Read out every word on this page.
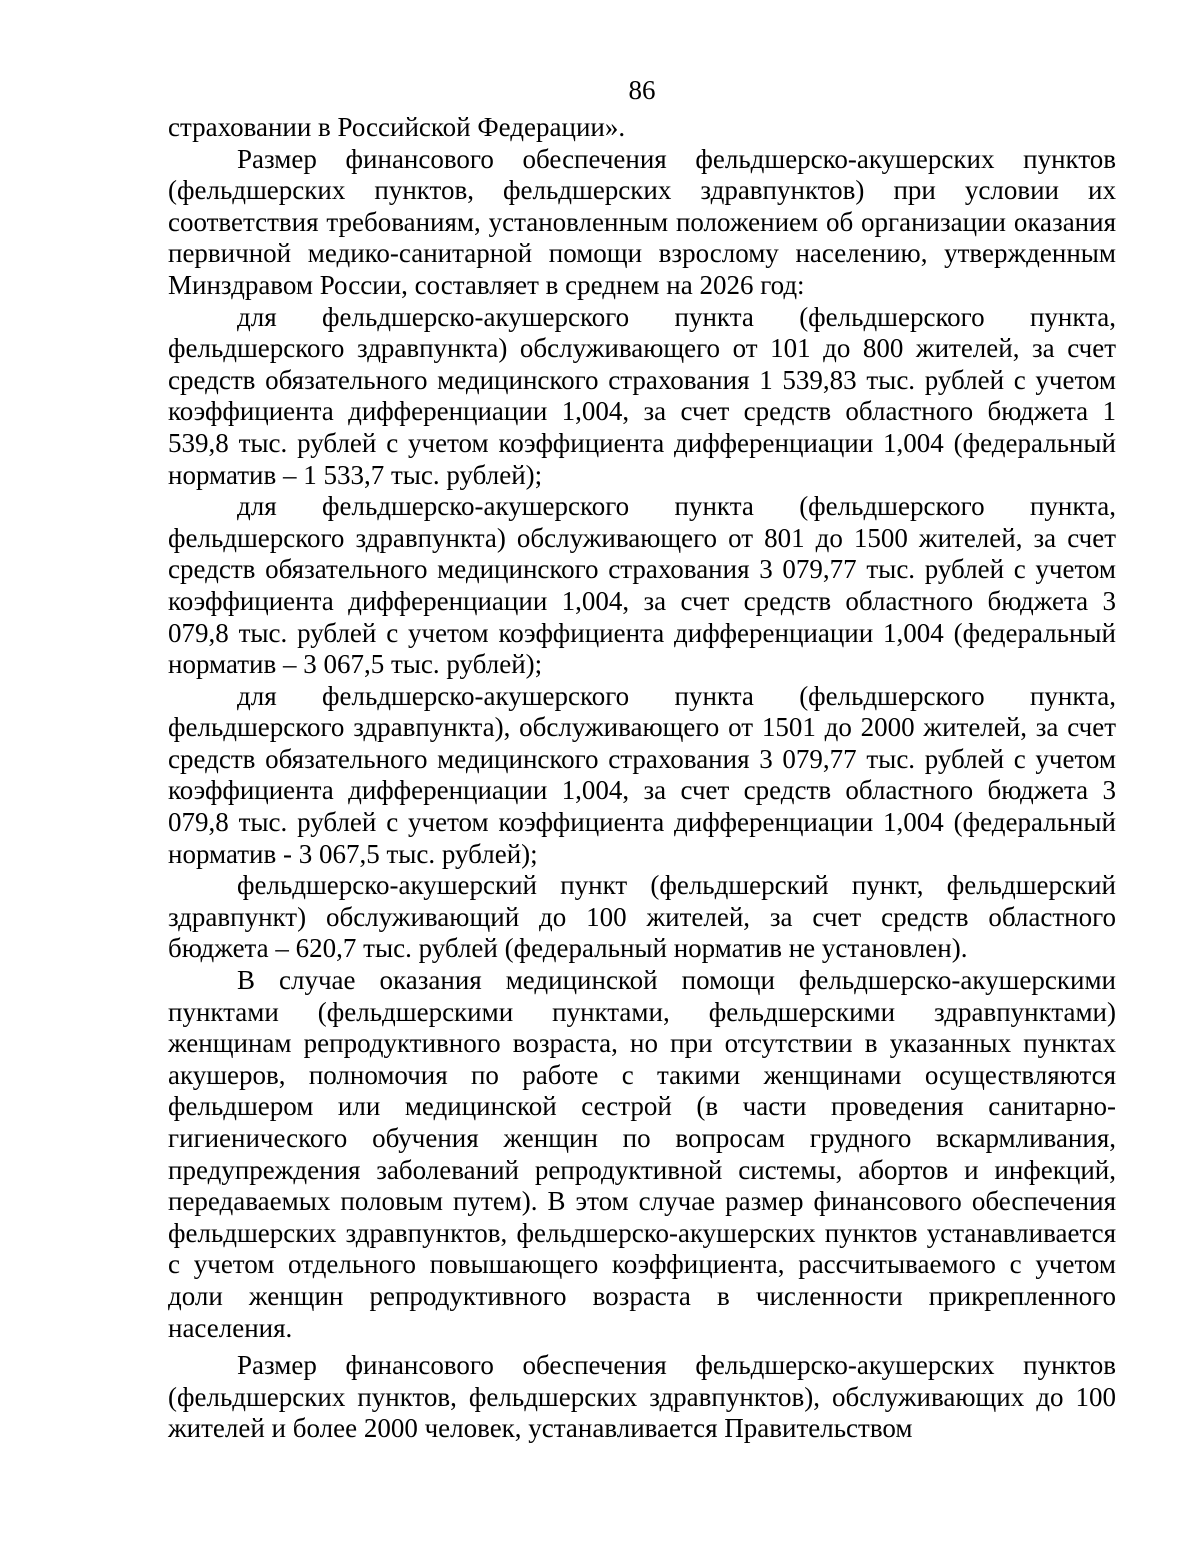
86

страховании в Российской Федерации».

Размер финансового обеспечения фельдшерско-акушерских пунктов (фельдшерских пунктов, фельдшерских здравпунктов) при условии их соответствия требованиям, установленным положением об организации оказания первичной медико-санитарной помощи взрослому населению, утвержденным Минздравом России, составляет в среднем на 2026 год:

для фельдшерско-акушерского пункта (фельдшерского пункта, фельдшерского здравпункта) обслуживающего от 101 до 800 жителей, за счет средств обязательного медицинского страхования 1 539,83 тыс. рублей с учетом коэффициента дифференциации 1,004, за счет средств областного бюджета 1 539,8 тыс. рублей с учетом коэффициента дифференциации 1,004 (федеральный норматив – 1 533,7 тыс. рублей);

для фельдшерско-акушерского пункта (фельдшерского пункта, фельдшерского здравпункта) обслуживающего от 801 до 1500 жителей, за счет средств обязательного медицинского страхования 3 079,77 тыс. рублей с учетом коэффициента дифференциации 1,004, за счет средств областного бюджета 3 079,8 тыс. рублей с учетом коэффициента дифференциации 1,004 (федеральный норматив – 3 067,5 тыс. рублей);

для фельдшерско-акушерского пункта (фельдшерского пункта, фельдшерского здравпункта), обслуживающего от 1501 до 2000 жителей, за счет средств обязательного медицинского страхования 3 079,77 тыс. рублей с учетом коэффициента дифференциации 1,004, за счет средств областного бюджета 3 079,8 тыс. рублей с учетом коэффициента дифференциации 1,004 (федеральный норматив - 3 067,5 тыс. рублей);

фельдшерско-акушерский пункт (фельдшерский пункт, фельдшерский здравпункт) обслуживающий до 100 жителей, за счет средств областного бюджета – 620,7 тыс. рублей (федеральный норматив не установлен).

В случае оказания медицинской помощи фельдшерско-акушерскими пунктами (фельдшерскими пунктами, фельдшерскими здравпунктами) женщинам репродуктивного возраста, но при отсутствии в указанных пунктах акушеров, полномочия по работе с такими женщинами осуществляются фельдшером или медицинской сестрой (в части проведения санитарно-гигиенического обучения женщин по вопросам грудного вскармливания, предупреждения заболеваний репродуктивной системы, абортов и инфекций, передаваемых половым путем). В этом случае размер финансового обеспечения фельдшерских здравпунктов, фельдшерско-акушерских пунктов устанавливается с учетом отдельного повышающего коэффициента, рассчитываемого с учетом доли женщин репродуктивного возраста в численности прикрепленного населения.

Размер финансового обеспечения фельдшерско-акушерских пунктов (фельдшерских пунктов, фельдшерских здравпунктов), обслуживающих до 100 жителей и более 2000 человек, устанавливается Правительством
